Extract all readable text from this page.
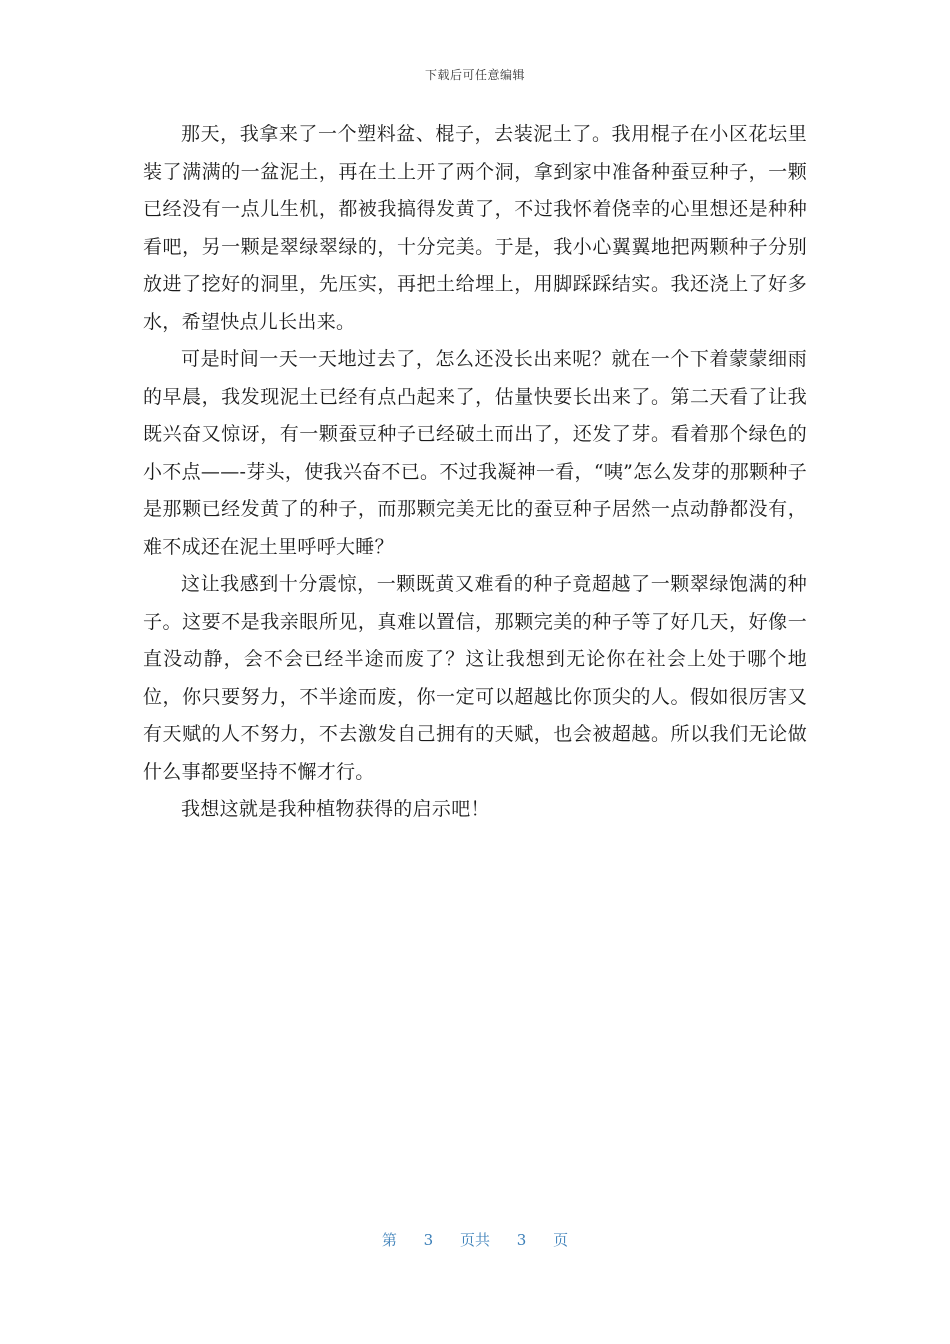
下载后可任意编辑

那天，我拿来了一个塑料盆、棍子，去装泥土了。我用棍子在小区花坛里装了满满的一盆泥土，再在土上开了两个洞，拿到家中准备种蚕豆种子，一颗已经没有一点儿生机，都被我搞得发黄了，不过我怀着侥幸的心里想还是种种看吧，另一颗是翠绿翠绿的，十分完美。于是，我小心翼翼地把两颗种子分别放进了挖好的洞里，先压实，再把土给埋上，用脚踩踩结实。我还浇上了好多水，希望快点儿长出来。

可是时间一天一天地过去了，怎么还没长出来呢？就在一个下着蒙蒙细雨的早晨，我发现泥土已经有点凸起来了，估量快要长出来了。第二天看了让我既兴奋又惊讶，有一颗蚕豆种子已经破土而出了，还发了芽。看着那个绿色的小不点——-芽头，使我兴奋不已。不过我凝神一看，“咦”怎么发芽的那颗种子是那颗已经发黄了的种子，而那颗完美无比的蚕豆种子居然一点动静都没有，难不成还在泥土里呼呼大睡？

这让我感到十分震惊，一颗既黄又难看的种子竟超越了一颗翠绿饱满的种子。这要不是我亲眼所见，真难以置信，那颗完美的种子等了好几天，好像一直没动静，会不会已经半途而废了？这让我想到无论你在社会上处于哪个地位，你只要努力，不半途而废，你一定可以超越比你顶尖的人。假如很厉害又有天赋的人不努力，不去激发自己拥有的天赋，也会被超越。所以我们无论做什么事都要坚持不懈才行。

我想这就是我种植物获得的启示吧！

第 3 页共 3 页
